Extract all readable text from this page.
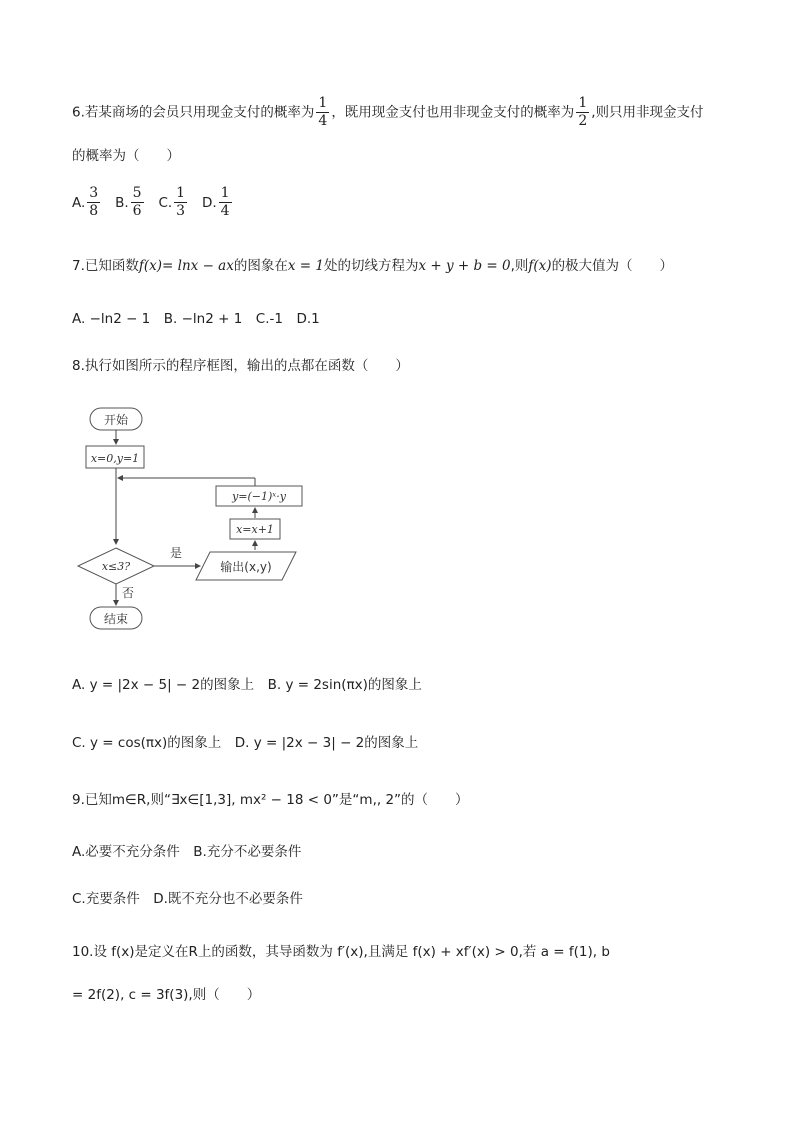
6.若某商场的会员只用现金支付的概率为 $\frac{1}{4}$ ，既用现金支付也用非现金支付的概率为 $\frac{1}{2}$ ,则只用非现金支付
的概率为（　　）
A. $\frac{3}{8} B$. $\frac{5}{6} C$. $\frac{1}{3} D$. $\frac{1}{4}$
7.已知函数f(x)= lnx − ax的图象在x = 1处的切线方程为x + y + b = 0,则f(x)的极大值为（　　）
A. −ln2 − 1　B. −ln2 + 1　C.-1　D.1
8.执行如图所示的程序框图，输出的点都在函数（　　）
开始
x=0,y=1
y=(−1)ˣ·y
x=x+1
x≤3?
是
输出(x,y)
否
结束
A. y = |2x − 5| − 2的图象上　B. y = 2sin(πx)的图象上
C. y = cos(πx)的图象上　D. y = |2x − 3| − 2的图象上
9.已知m∈R,则“∃x∈[1,3], mx² − 18 < 0”是“m,, 2”的（　　）
A.必要不充分条件　B.充分不必要条件
C.充要条件　D.既不充分也不必要条件
10.设 f(x)是定义在R上的函数，其导函数为 f′(x),且满足 f(x) + xf′(x) > 0,若 a = f(1), b
= 2f(2), c = 3f(3),则（　　）
